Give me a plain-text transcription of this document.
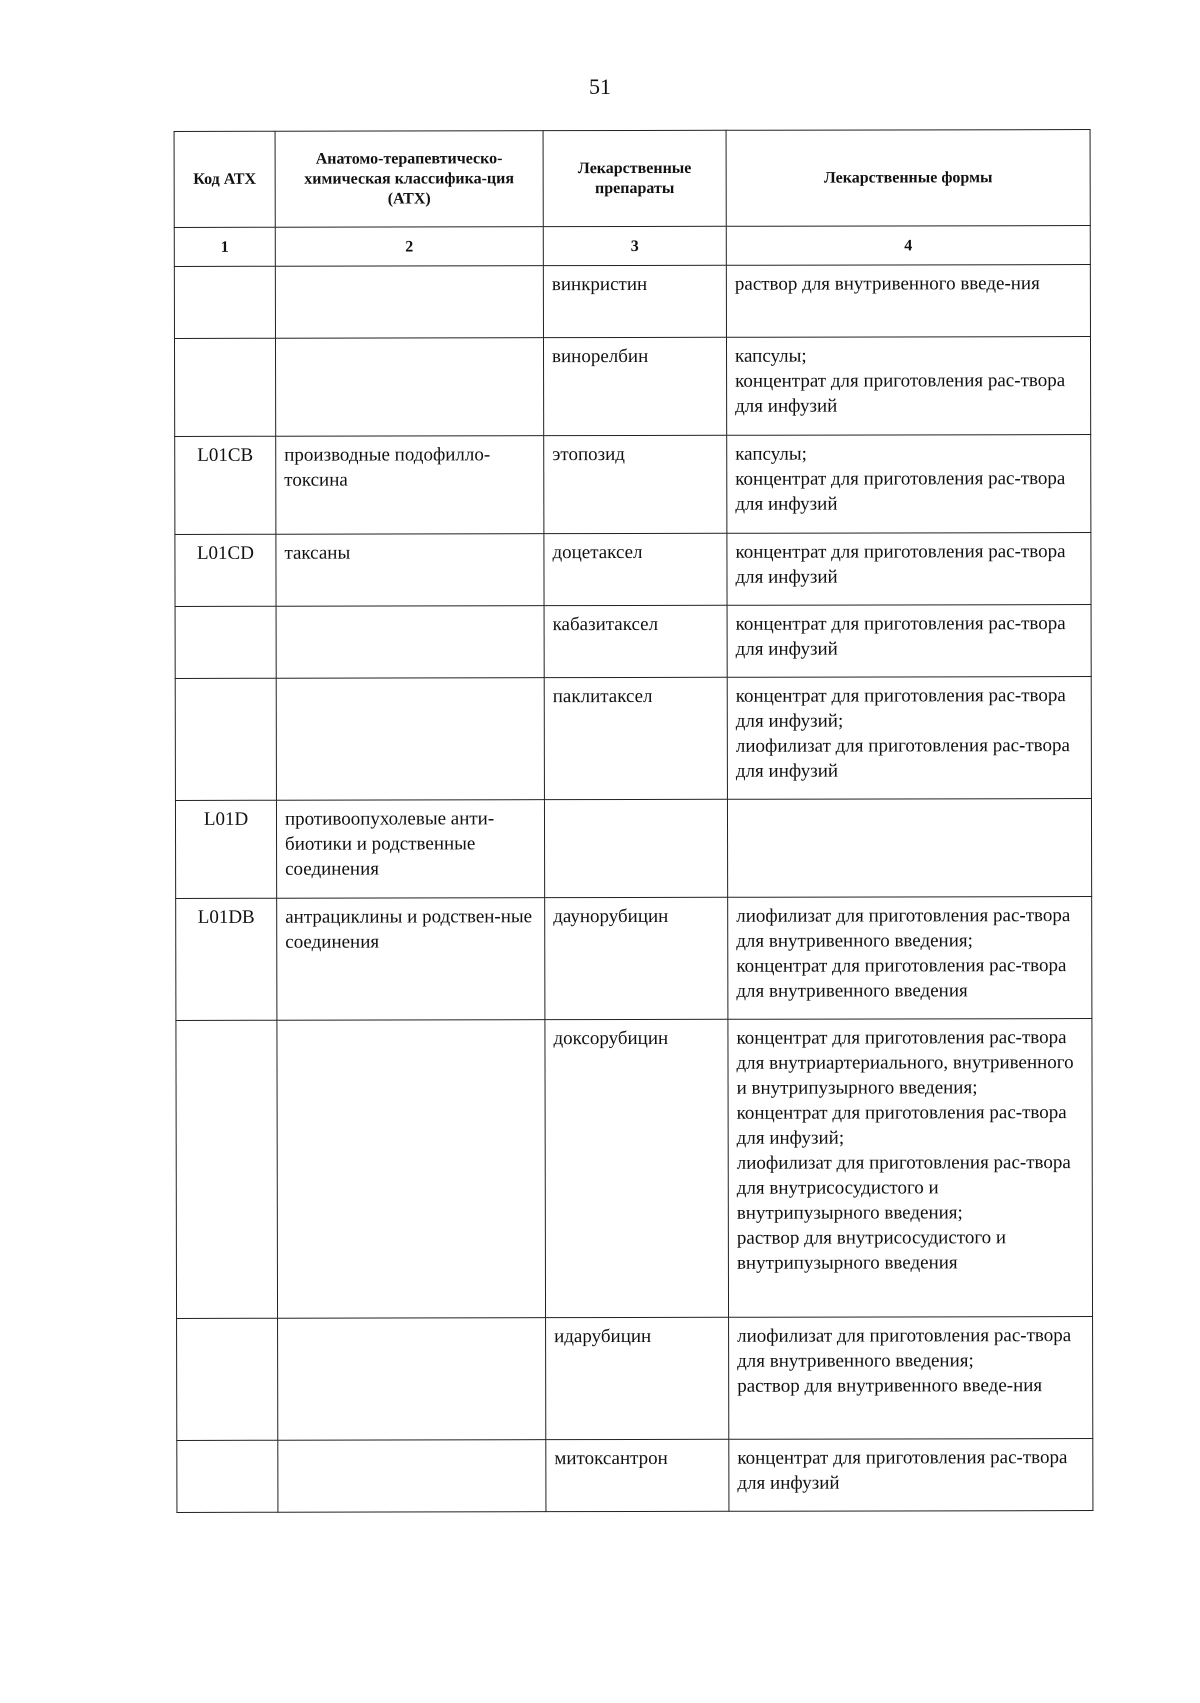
51
Код АТХ	Анатомо-терапевтическо-химическая классифика-ция (АТХ)	Лекарственные препараты	Лекарственные формы
1	2	3	4
		винкристин	раствор для внутривенного введе-ния

		винорелбин	капсулы;
концентрат для приготовления рас-твора для инфузий

L01CB	производные подофилло-токсина	этопозид	капсулы;
концентрат для приготовления рас-твора для инфузий

L01CD	таксаны	доцетаксел	концентрат для приготовления рас-твора для инфузий

		кабазитаксел	концентрат для приготовления рас-твора для инфузий

		паклитаксел	концентрат для приготовления рас-твора для инфузий;
лиофилизат для приготовления рас-твора для инфузий

L01D	противоопухолевые анти-биотики и родственные соединения		
L01DB	антрациклины и родствен-ные соединения	даунорубицин	лиофилизат для приготовления рас-твора для внутривенного введения;
концентрат для приготовления рас-твора для внутривенного введения

		доксорубицин	концентрат для приготовления рас-твора для внутриартериального, внутривенного и внутрипузырного введения;
концентрат для приготовления рас-твора для инфузий;
лиофилизат для приготовления рас-твора для внутрисосудистого и внутрипузырного введения;
раствор для внутрисосудистого и внутрипузырного введения

		идарубицин	лиофилизат для приготовления рас-твора для внутривенного введения;
раствор для внутривенного введе-ния

		митоксантрон	концентрат для приготовления рас-твора для инфузий
